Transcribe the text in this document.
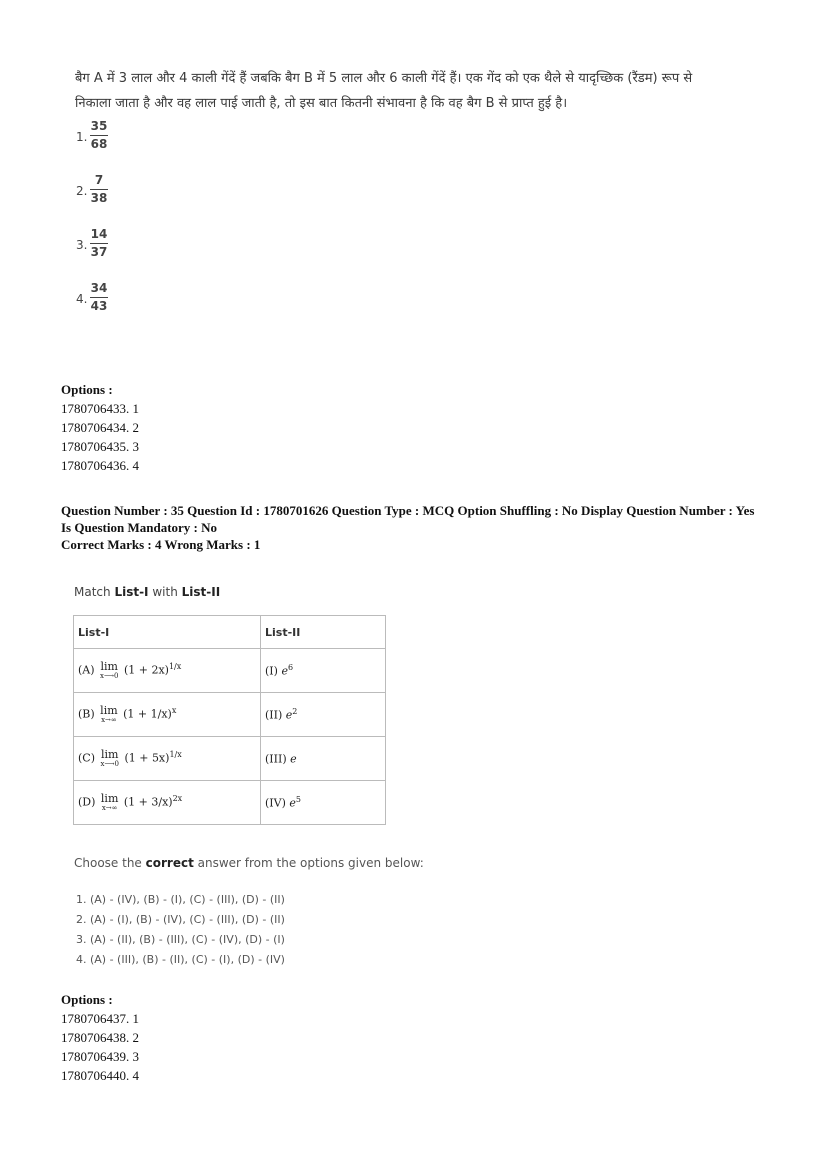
बैग A में 3 लाल और 4 काली गेंदें हैं जबकि बैग B में 5 लाल और 6 काली गेंदें हैं। एक गेंद को एक थैले से यादृच्छिक (रैंडम) रूप से

निकाला जाता है और वह लाल पाई जाती है, तो इस बात कितनी संभावना है कि वह बैग B से प्राप्त हुई है।

1.
35
68
2.
7
38
3.
14
37
4.
34
43
Options :
1780706433. 1
1780706434. 2
1780706435. 3
1780706436. 4
Question Number : 35 Question Id : 1780701626 Question Type : MCQ Option Shuffling : No Display Question Number : Yes
Is Question Mandatory : No
Correct Marks : 4 Wrong Marks : 1
Match List-I with List-II
List-I	List-II
(A) lim
x⟶0 $(1 + 2x)^{1/x}$	(I) $e^6$
(B) lim
x→∞ $(1 + 1/x)^x$	(II) $e^2$
(C) lim
x⟶0 $(1 + 5x)^{1/x}$	(III) e
(D) lim
x→∞ $(1 + 3/x)^{2x}$	(IV) $e^5$
Choose the correct answer from the options given below:
1. (A) - (IV), (B) - (I), (C) - (III), (D) - (II)
2. (A) - (I), (B) - (IV), (C) - (III), (D) - (II)
3. (A) - (II), (B) - (III), (C) - (IV), (D) - (I)
4. (A) - (III), (B) - (II), (C) - (I), (D) - (IV)
Options :
1780706437. 1
1780706438. 2
1780706439. 3
1780706440. 4
